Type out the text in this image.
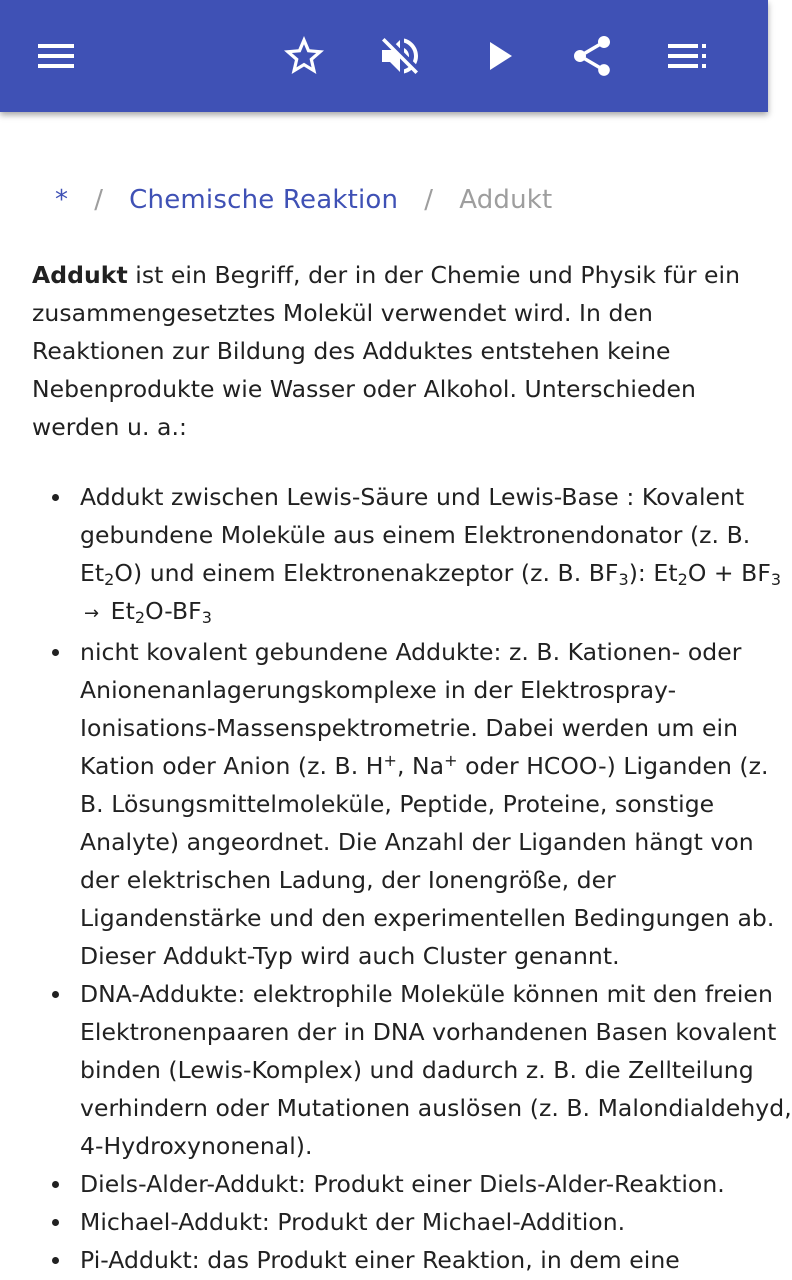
* / Chemische Reaktion / Addukt

Addukt ist ein Begriff, der in der Chemie und Physik für ein zusammengesetztes Molekül verwendet wird. In den Reaktionen zur Bildung des Adduktes entstehen keine Nebenprodukte wie Wasser oder Alkohol. Unterschieden werden u. a.:

Addukt zwischen Lewis-Säure und Lewis-Base : Kovalent gebundene Moleküle aus einem Elektronendonator (z. B. $Et_2O$) und einem Elektronenakzeptor (z. B. $BF_3$): $Et_2O + BF_3 \to Et_2O-BF_3$
nicht kovalent gebundene Addukte: z. B. Kationen- oder Anionenanlagerungskomplexe in der Elektrospray-Ionisations-Massenspektrometrie. Dabei werden um ein Kation oder Anion (z. B. H+, Na+ oder HCOO-) Liganden (z. B. Lösungsmittelmoleküle, Peptide, Proteine, sonstige Analyte) angeordnet. Die Anzahl der Liganden hängt von der elektrischen Ladung, der Ionengröße, der Ligandenstärke und den experimentellen Bedingungen ab. Dieser Addukt-Typ wird auch Cluster genannt.
DNA-Addukte: elektrophile Moleküle können mit den freien Elektronenpaaren der in DNA vorhandenen Basen kovalent binden (Lewis-Komplex) und dadurch z. B. die Zellteilung verhindern oder Mutationen auslösen (z. B. Malondialdehyd, 4-Hydroxynonenal).
Diels-Alder-Addukt: Produkt einer Diels-Alder-Reaktion.
Michael-Addukt: Produkt der Michael-Addition.
Pi-Addukt: das Produkt einer Reaktion, in dem eine
